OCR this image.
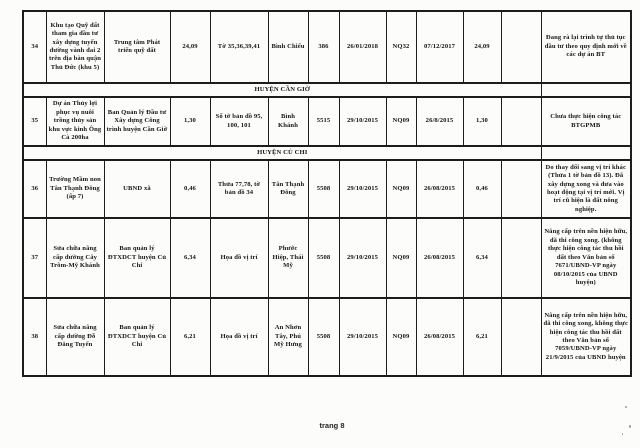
34	Khu tạo Quỹ đất tham gia đầu tư xây dựng tuyến đường vành đai 2 trên địa bàn quận Thủ Đức (khu 5)	Trung tâm Phát triển quỹ đất	24,09	Tờ 35,36,39,41	Bình Chiểu	386	26/01/2018	NQ32	07/12/2017	24,09		Đang rà lại trình tự thủ tục đầu tư theo quy định mới về các dự án BT
HUYỆN CẦN GIỜ												
35	Dự án Thủy lợi phục vụ nuôi trồng thủy sản khu vực kinh Ông Cà 200ha	Ban Quản lý Đầu tư Xây dựng Công trình huyện Cần Giờ	1,30	Số tờ bản đồ 95, 100, 101	Bình Khánh	5515	29/10/2015	NQ09	26/8/2015	1,30		Chưa thực hiện công tác BTGPMB
HUYỆN CỦ CHI												
36	Trường Mầm non Tân Thạnh Đông (ấp 7)	UBND xã	0,46	Thửa 77,78, tờ bản đồ 34	Tân Thạnh Đông	5508	29/10/2015	NQ09	26/08/2015	0,46		Do thay đổi sang vị trí khác (Thửa 1 tờ bản đồ 13). Đã xây dựng xong và đưa vào hoạt động tại vị trí mới. Vị trí cũ hiện là đất nông nghiệp.
37	Sửa chữa nâng cấp đường Cây Trôm-Mỹ Khánh	Ban quản lý ĐTXDCT huyện Củ Chi	6,34	Họa đồ vị trí	Phước Hiệp, Thái Mỹ	5508	29/10/2015	NQ09	26/08/2015	6,34		Nâng cấp trên nền hiện hữu, đã thi công xong. (không thực hiện công tác thu hồi đất theo Văn bản số 7671/UBND-VP ngày 08/10/2015 của UBND huyện)
38	Sửa chữa nâng cấp đường Đỗ Đăng Tuyển	Ban quản lý ĐTXDCT huyện Củ Chi	6,21	Họa đồ vị trí	An Nhơn Tây, Phú Mỹ Hưng	5508	29/10/2015	NQ09	26/08/2015	6,21		Nâng cấp trên nền hiện hữu, đã thi công xong, không thực hiện công tác thu hồi đất theo Văn bản số 7059/UBND-VP ngày 21/9/2015 của UBND huyện
trang 8
